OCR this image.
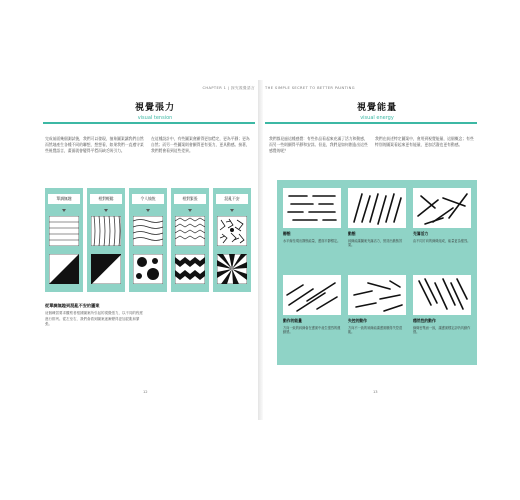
CHAPTER 1 | 探究視覺語言
視覺張力
visual tension
完成前面幾個測試後，我們可以發現，抽象圖案讓我們自然而然地產生各種不同的聯想，想想看，如果我們一直遵守某些視覺語言，畫面就會變得平穩而缺乏吸引力。
在這種設計中，有些圖案會顯得更加穩定，更為平靜；更為自然；而另一些圖案則會顯得更有張力，更具動感。接著，我們將會看到這些差異。
單調無趣	相對輕鬆	令人愉悅	相對緊張	混亂不安
從單調無趣到混亂不安的圖案
這個練習要求觀察者根據圖案所引起的視覺張力，以不同的程度進行排列。從左至右，我們會看到圖案逐漸變得更加混亂和緊張。
12
THE SIMPLE SECRET TO BETTER PAINTING
視覺能量
visual energy
我們都見過這種感覺：有些作品看起來充滿了活力和動感，而另一些則顯得平靜和安詳。但是，我們是如何創造出這些感覺的呢？
我們在前述特定圖案中，會用到視覺能量，這個概念；有些特別的圖案看起來更有能量，更加活潑也更有動感。
靜態
水平線呈現出靜態能量，畫面平靜穩定。
動態
斜線能讓圖案充滿活力，營造出動態效果。
充滿活力
由不同方向的線條組成，能量更為強烈。
動作的能量
方向一致的斜線會在畫面中產生強烈的運動感。
失控的動作
方向不一致的斜線能讓畫面顯得失控混亂。
穩然性的動作
線條密集而一致，讓畫面穩定卻仍具動作感。
13
